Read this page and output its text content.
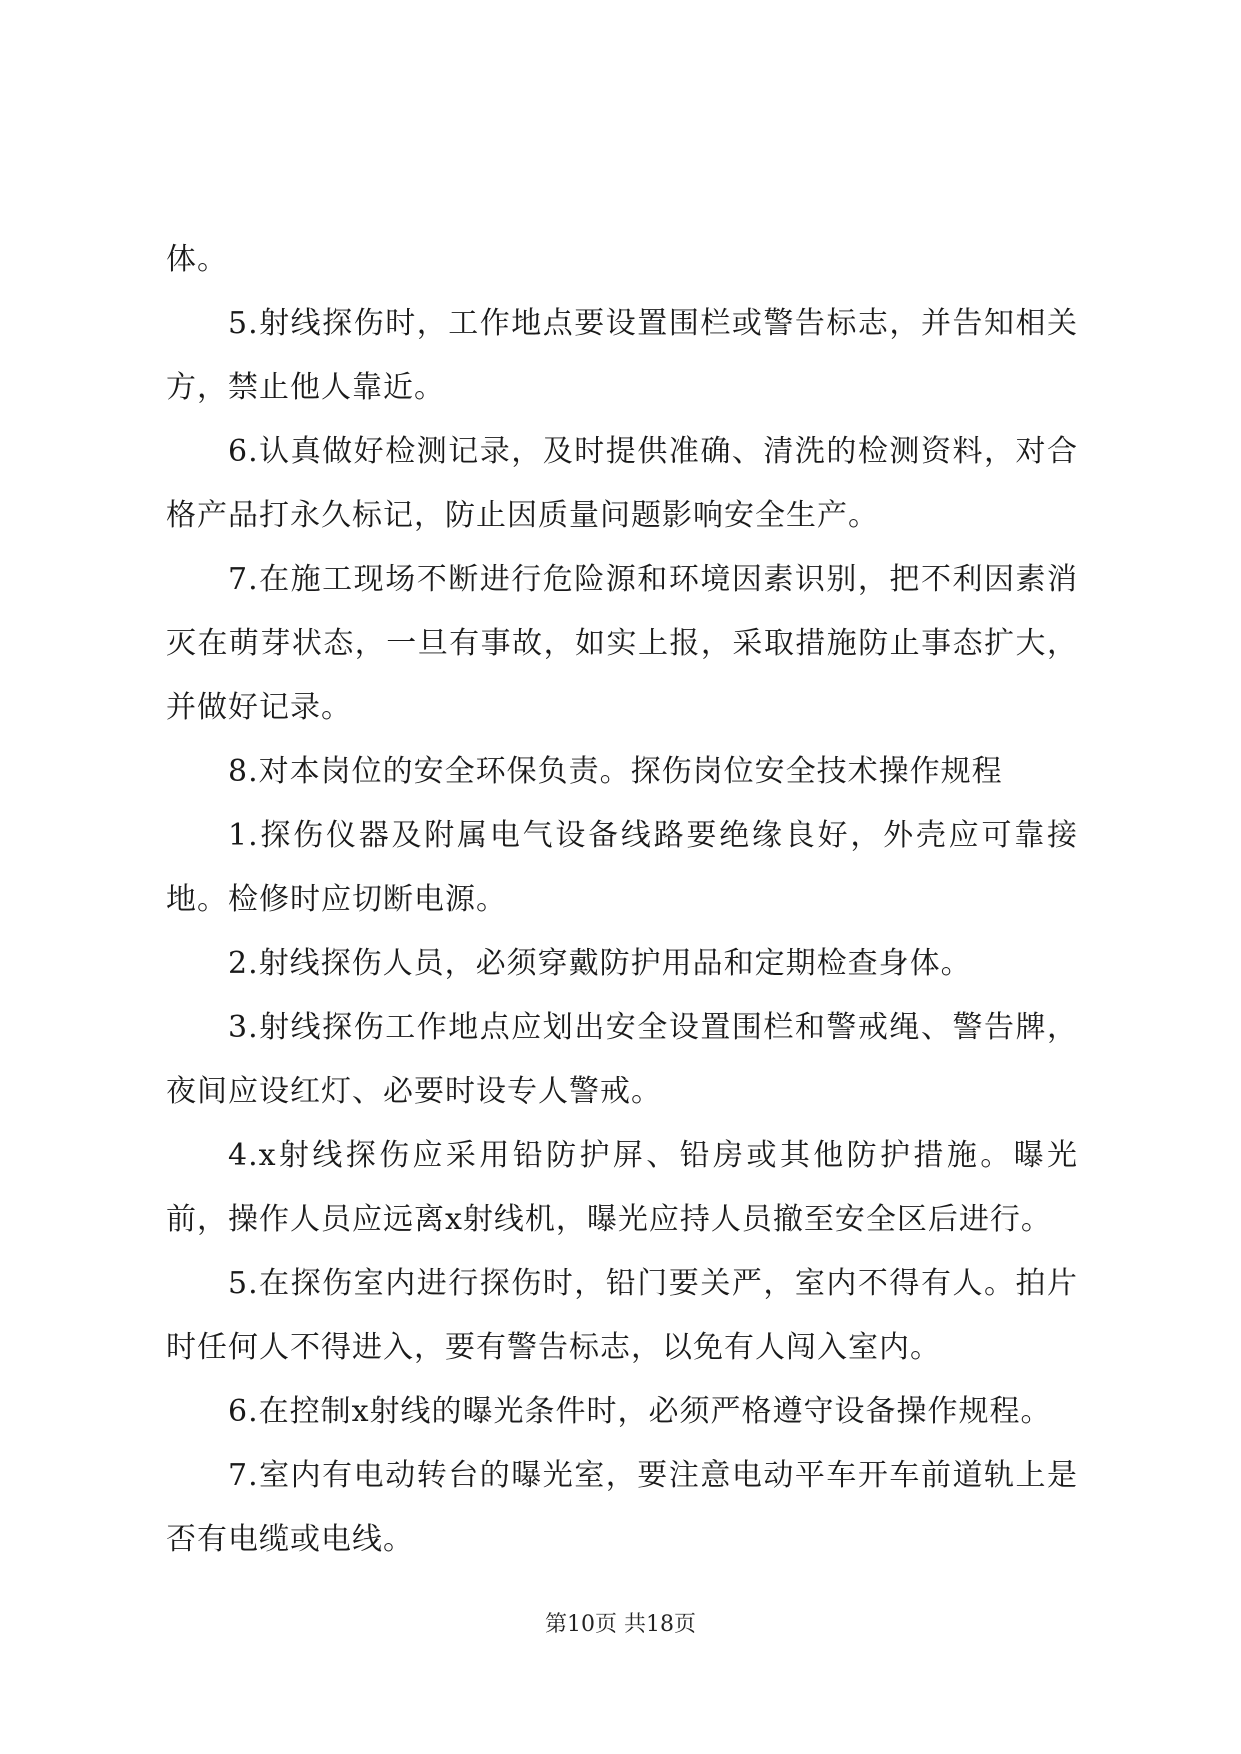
体。

5.射线探伤时，工作地点要设置围栏或警告标志，并告知相关方，禁止他人靠近。

6.认真做好检测记录，及时提供准确、清洗的检测资料，对合格产品打永久标记，防止因质量问题影响安全生产。

7.在施工现场不断进行危险源和环境因素识别，把不利因素消灭在萌芽状态，一旦有事故，如实上报，采取措施防止事态扩大，并做好记录。

8.对本岗位的安全环保负责。探伤岗位安全技术操作规程

1.探伤仪器及附属电气设备线路要绝缘良好，外壳应可靠接地。检修时应切断电源。

2.射线探伤人员，必须穿戴防护用品和定期检查身体。

3.射线探伤工作地点应划出安全设置围栏和警戒绳、警告牌，夜间应设红灯、必要时设专人警戒。

4.x射线探伤应采用铅防护屏、铅房或其他防护措施。曝光前，操作人员应远离x射线机，曝光应持人员撤至安全区后进行。

5.在探伤室内进行探伤时，铅门要关严，室内不得有人。拍片时任何人不得进入，要有警告标志，以免有人闯入室内。

6.在控制x射线的曝光条件时，必须严格遵守设备操作规程。

7.室内有电动转台的曝光室，要注意电动平车开车前道轨上是否有电缆或电线。

第10页 共18页
